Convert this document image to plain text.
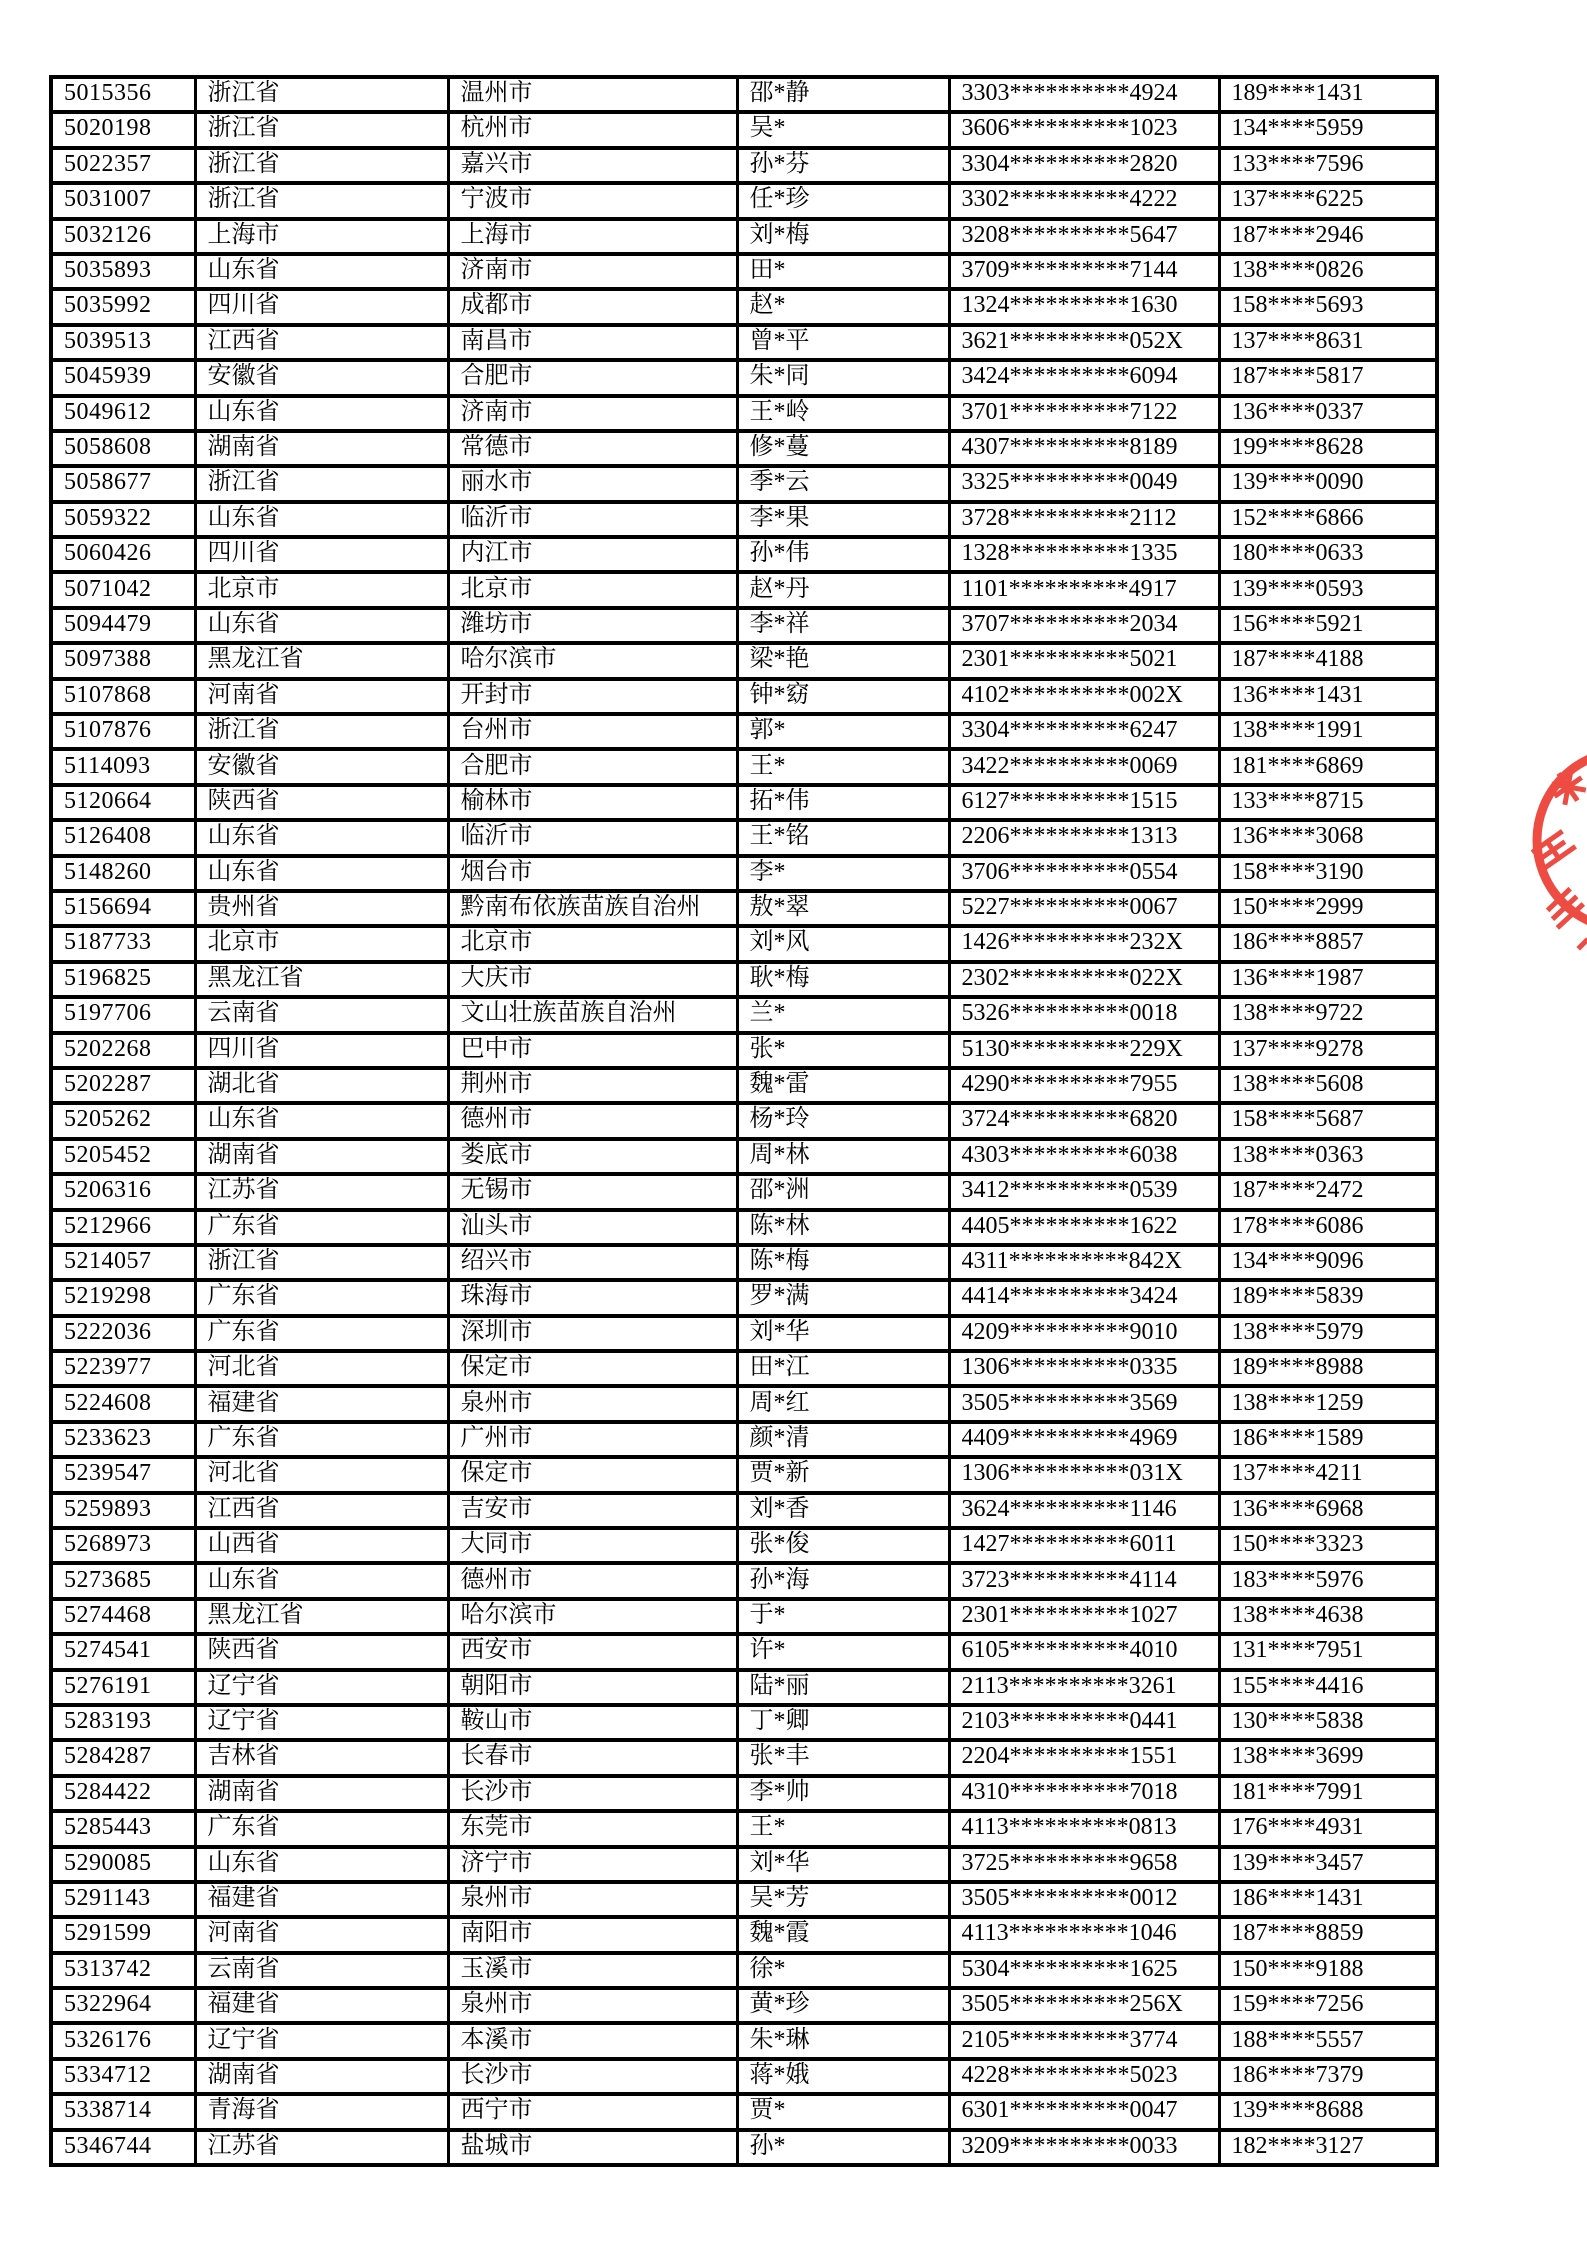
5015356	浙江省	温州市	邵*静	3303**********4924	189****1431
5020198	浙江省	杭州市	吴*	3606**********1023	134****5959
5022357	浙江省	嘉兴市	孙*芬	3304**********2820	133****7596
5031007	浙江省	宁波市	任*珍	3302**********4222	137****6225
5032126	上海市	上海市	刘*梅	3208**********5647	187****2946
5035893	山东省	济南市	田*	3709**********7144	138****0826
5035992	四川省	成都市	赵*	1324**********1630	158****5693
5039513	江西省	南昌市	曾*平	3621**********052X	137****8631
5045939	安徽省	合肥市	朱*同	3424**********6094	187****5817
5049612	山东省	济南市	王*岭	3701**********7122	136****0337
5058608	湖南省	常德市	修*蔓	4307**********8189	199****8628
5058677	浙江省	丽水市	季*云	3325**********0049	139****0090
5059322	山东省	临沂市	李*果	3728**********2112	152****6866
5060426	四川省	内江市	孙*伟	1328**********1335	180****0633
5071042	北京市	北京市	赵*丹	1101**********4917	139****0593
5094479	山东省	潍坊市	李*祥	3707**********2034	156****5921
5097388	黑龙江省	哈尔滨市	梁*艳	2301**********5021	187****4188
5107868	河南省	开封市	钟*窈	4102**********002X	136****1431
5107876	浙江省	台州市	郭*	3304**********6247	138****1991
5114093	安徽省	合肥市	王*	3422**********0069	181****6869
5120664	陕西省	榆林市	拓*伟	6127**********1515	133****8715
5126408	山东省	临沂市	王*铭	2206**********1313	136****3068
5148260	山东省	烟台市	李*	3706**********0554	158****3190
5156694	贵州省	黔南布依族苗族自治州	敖*翠	5227**********0067	150****2999
5187733	北京市	北京市	刘*风	1426**********232X	186****8857
5196825	黑龙江省	大庆市	耿*梅	2302**********022X	136****1987
5197706	云南省	文山壮族苗族自治州	兰*	5326**********0018	138****9722
5202268	四川省	巴中市	张*	5130**********229X	137****9278
5202287	湖北省	荆州市	魏*雷	4290**********7955	138****5608
5205262	山东省	德州市	杨*玲	3724**********6820	158****5687
5205452	湖南省	娄底市	周*林	4303**********6038	138****0363
5206316	江苏省	无锡市	邵*洲	3412**********0539	187****2472
5212966	广东省	汕头市	陈*林	4405**********1622	178****6086
5214057	浙江省	绍兴市	陈*梅	4311**********842X	134****9096
5219298	广东省	珠海市	罗*满	4414**********3424	189****5839
5222036	广东省	深圳市	刘*华	4209**********9010	138****5979
5223977	河北省	保定市	田*江	1306**********0335	189****8988
5224608	福建省	泉州市	周*红	3505**********3569	138****1259
5233623	广东省	广州市	颜*清	4409**********4969	186****1589
5239547	河北省	保定市	贾*新	1306**********031X	137****4211
5259893	江西省	吉安市	刘*香	3624**********1146	136****6968
5268973	山西省	大同市	张*俊	1427**********6011	150****3323
5273685	山东省	德州市	孙*海	3723**********4114	183****5976
5274468	黑龙江省	哈尔滨市	于*	2301**********1027	138****4638
5274541	陕西省	西安市	许*	6105**********4010	131****7951
5276191	辽宁省	朝阳市	陆*丽	2113**********3261	155****4416
5283193	辽宁省	鞍山市	丁*卿	2103**********0441	130****5838
5284287	吉林省	长春市	张*丰	2204**********1551	138****3699
5284422	湖南省	长沙市	李*帅	4310**********7018	181****7991
5285443	广东省	东莞市	王*	4113**********0813	176****4931
5290085	山东省	济宁市	刘*华	3725**********9658	139****3457
5291143	福建省	泉州市	吴*芳	3505**********0012	186****1431
5291599	河南省	南阳市	魏*霞	4113**********1046	187****8859
5313742	云南省	玉溪市	徐*	5304**********1625	150****9188
5322964	福建省	泉州市	黄*珍	3505**********256X	159****7256
5326176	辽宁省	本溪市	朱*琳	2105**********3774	188****5557
5334712	湖南省	长沙市	蒋*娥	4228**********5023	186****7379
5338714	青海省	西宁市	贾*	6301**********0047	139****8688
5346744	江苏省	盐城市	孙*	3209**********0033	182****3127
